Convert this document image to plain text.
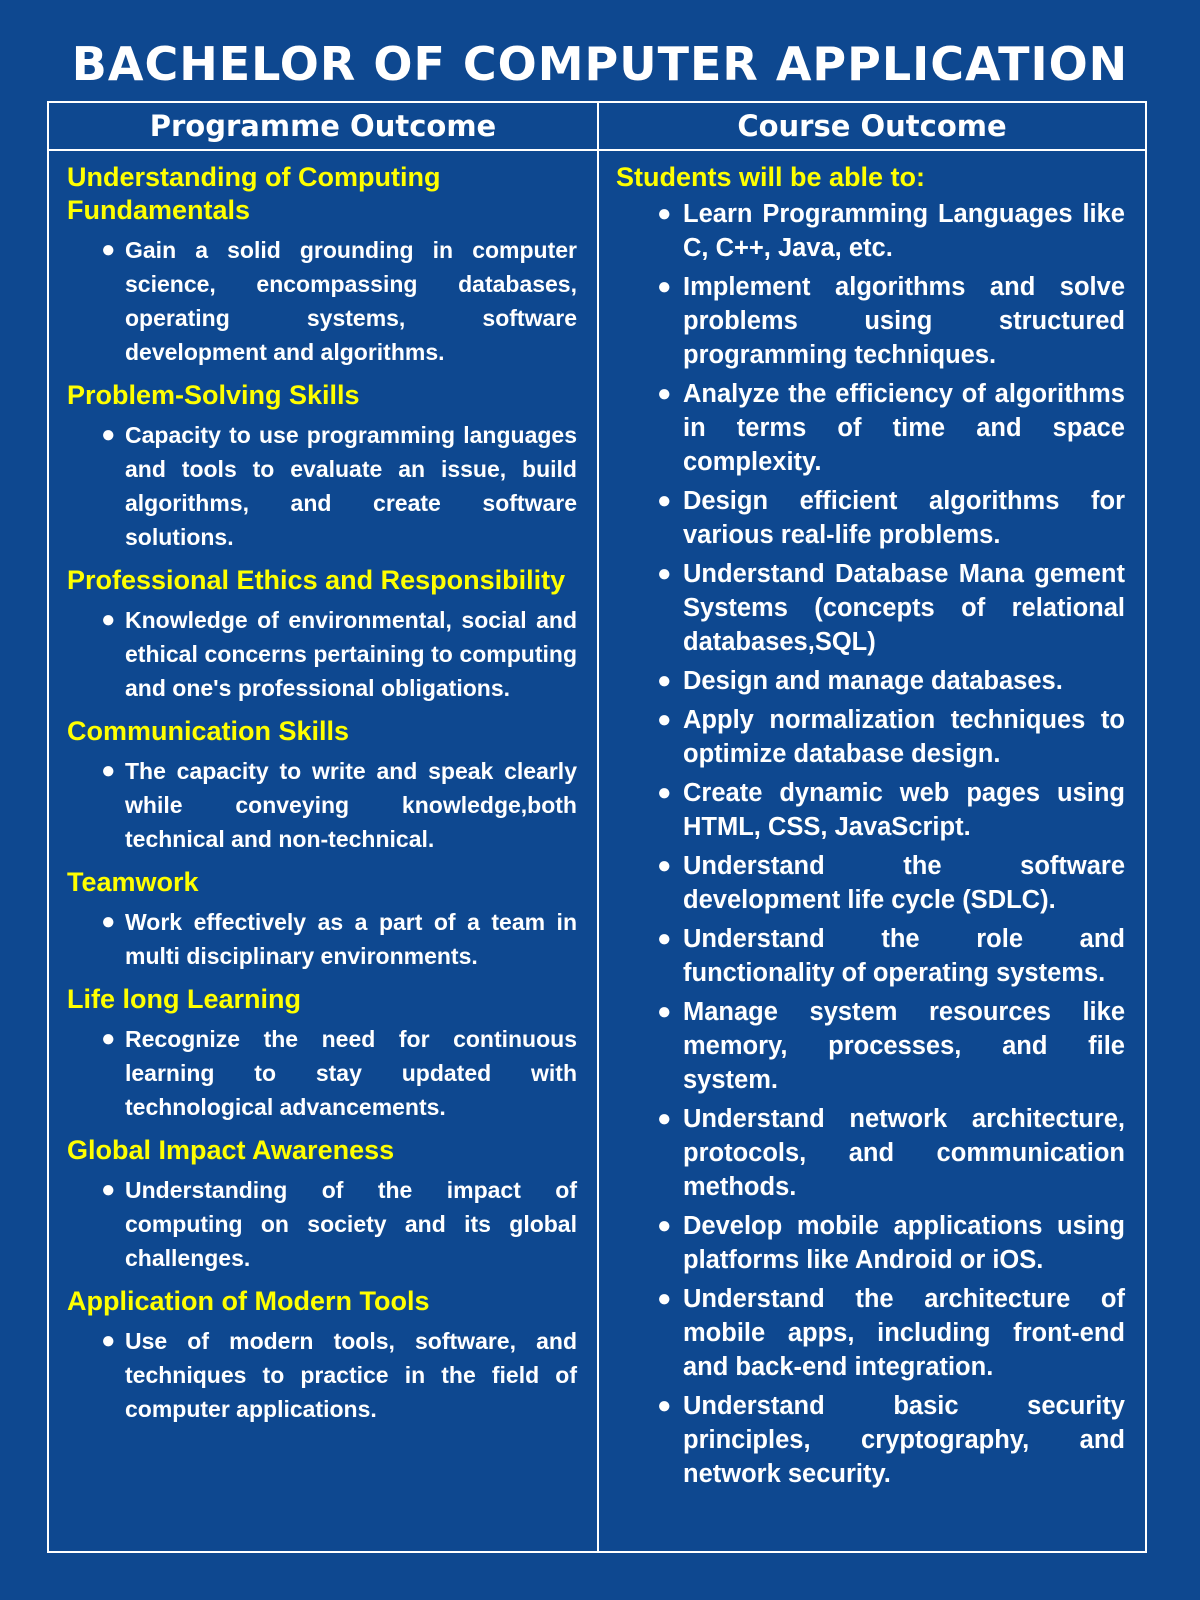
BACHELOR OF COMPUTER APPLICATION
Programme Outcome	Course Outcome
Understanding of Computing Fundamentals
● Gain a solid grounding in computer science, encompassing databases, operating systems, software development and algorithms.
Problem-Solving Skills
● Capacity to use programming languages and tools to evaluate an issue, build algorithms, and create software solutions.
Professional Ethics and Responsibility
● Knowledge of environmental, social and ethical concerns pertaining to computing and one's professional obligations.
Communication Skills
● The capacity to write and speak clearly while conveying knowledge,both technical and non-technical.
Teamwork
● Work effectively as a part of a team in multi disciplinary environments.
Life long Learning
● Recognize the need for continuous learning to stay updated with technological advancements.
Global Impact Awareness
● Understanding of the impact of computing on society and its global challenges.
Application of Modern Tools
● Use of modern tools, software, and techniques to practice in the field of computer applications.
Students will be able to:
● Learn Programming Languages like C, C++, Java, etc.
● Implement algorithms and solve problems using structured programming techniques.
● Analyze the efficiency of algorithms in terms of time and space complexity.
● Design efficient algorithms for various real-life problems.
● Understand Database Mana gement Systems (concepts of relational databases,SQL)
● Design and manage databases.
● Apply normalization techniques to optimize database design.
● Create dynamic web pages using HTML, CSS, JavaScript.
● Understand the software development life cycle (SDLC).
● Understand the role and functionality of operating systems.
● Manage system resources like memory, processes, and file system.
● Understand network architecture, protocols, and communication methods.
● Develop mobile applications using platforms like Android or iOS.
● Understand the architecture of mobile apps, including front-end and back-end integration.
● Understand basic security principles, cryptography, and network security.
